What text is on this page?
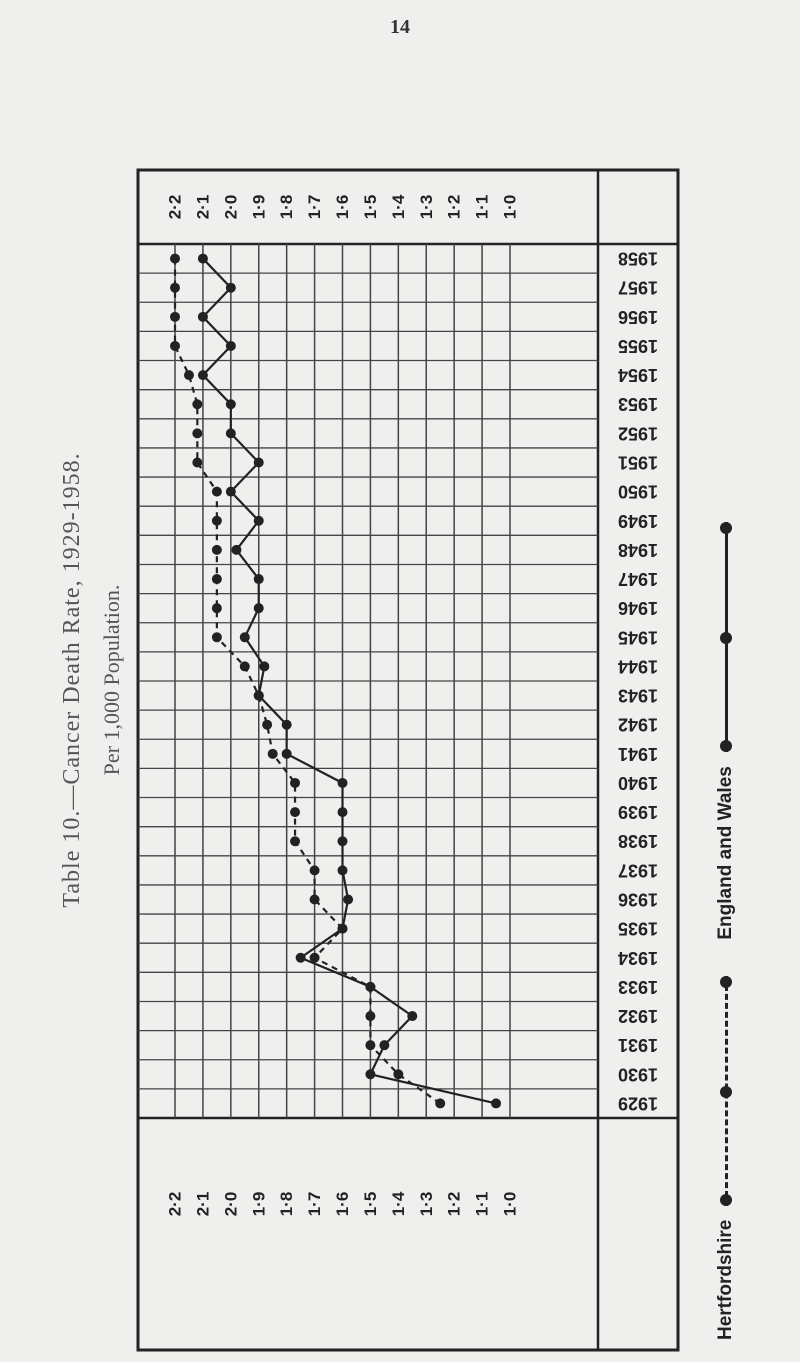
14
Table 10.—Cancer Death Rate, 1929-1958. Per 1,000 Population.
2·2
2·2
2·1
2·1
2·0
2·0
1·9
1·9
1·8
1·8
1·7
1·7
1·6
1·6
1·5
1·5
1·4
1·4
1·3
1·3
1·2
1·2
1·1
1·1
1·0
1·0
1958
1957
1956
1955
1954
1953
1952
1951
1950
1949
1948
1947
1946
1945
1944
1943
1942
1941
1940
1939
1938
1937
1936
1935
1934
1933
1932
1931
1930
1929
Hertfordshire
England and Wales
